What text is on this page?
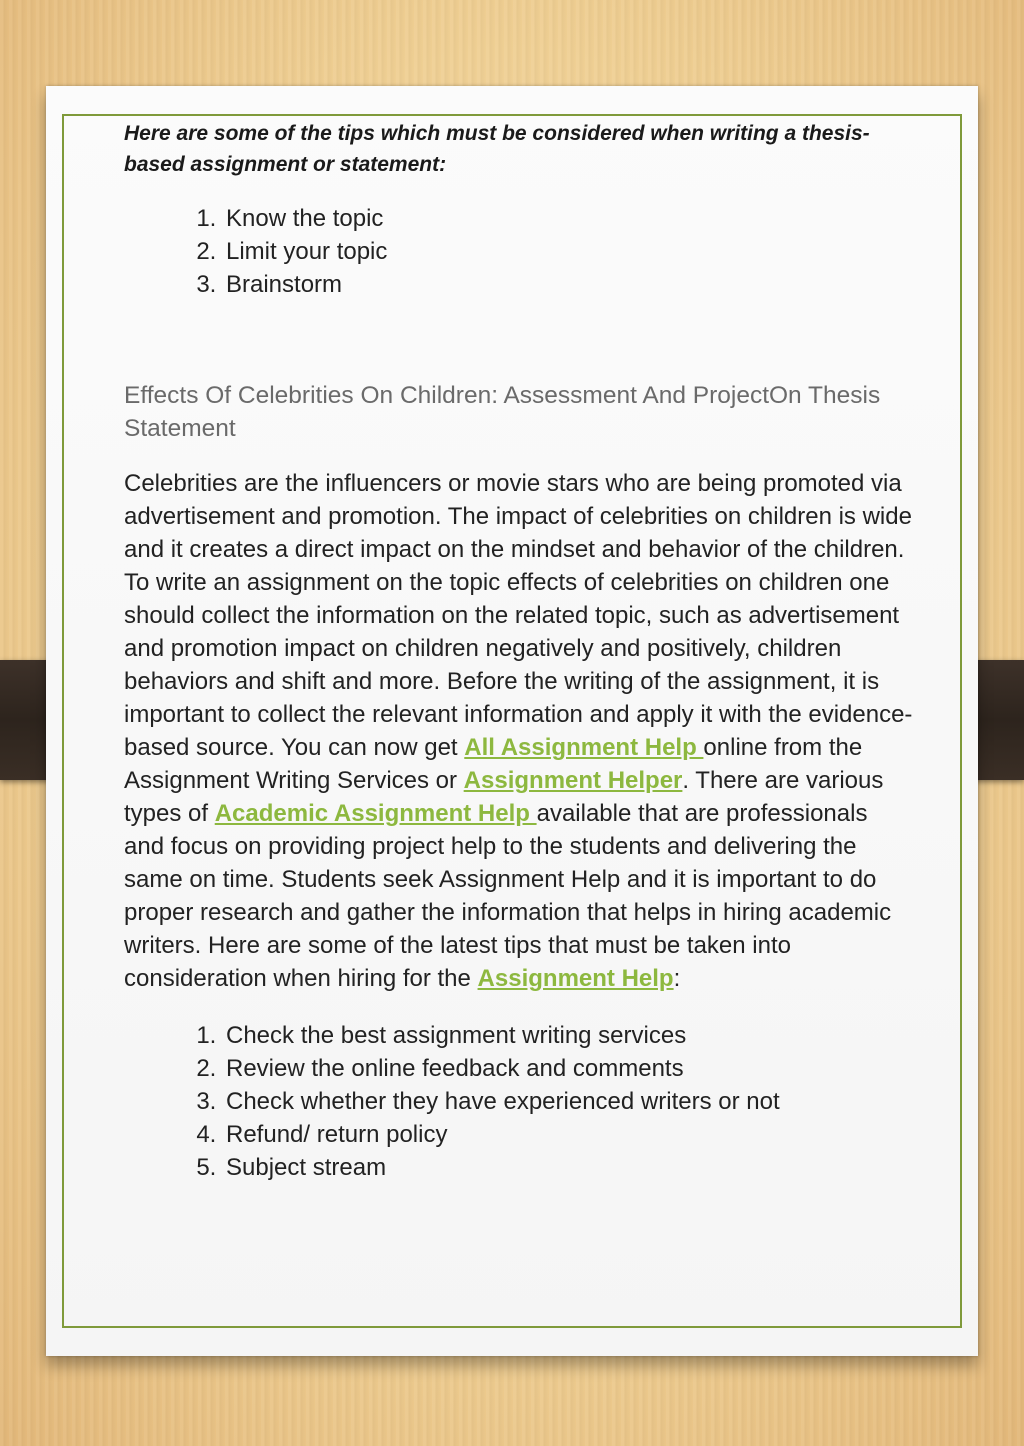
Here are some of the tips which must be considered when writing a thesis-based assignment or statement:

1. Know the topic
2. Limit your topic
3. Brainstorm
Effects Of Celebrities On Children: Assessment And ProjectOn Thesis Statement

Celebrities are the influencers or movie stars who are being promoted via advertisement and promotion. The impact of celebrities on children is wide and it creates a direct impact on the mindset and behavior of the children. To write an assignment on the topic effects of celebrities on children one should collect the information on the related topic, such as advertisement and promotion impact on children negatively and positively, children behaviors and shift and more. Before the writing of the assignment, it is important to collect the relevant information and apply it with the evidence-based source. You can now get All Assignment Help online from the Assignment Writing Services or Assignment Helper. There are various types of Academic Assignment Help available that are professionals and focus on providing project help to the students and delivering the same on time. Students seek Assignment Help and it is important to do proper research and gather the information that helps in hiring academic writers. Here are some of the latest tips that must be taken into consideration when hiring for the Assignment Help:

1. Check the best assignment writing services
2. Review the online feedback and comments
3. Check whether they have experienced writers or not
4. Refund/ return policy
5. Subject stream
